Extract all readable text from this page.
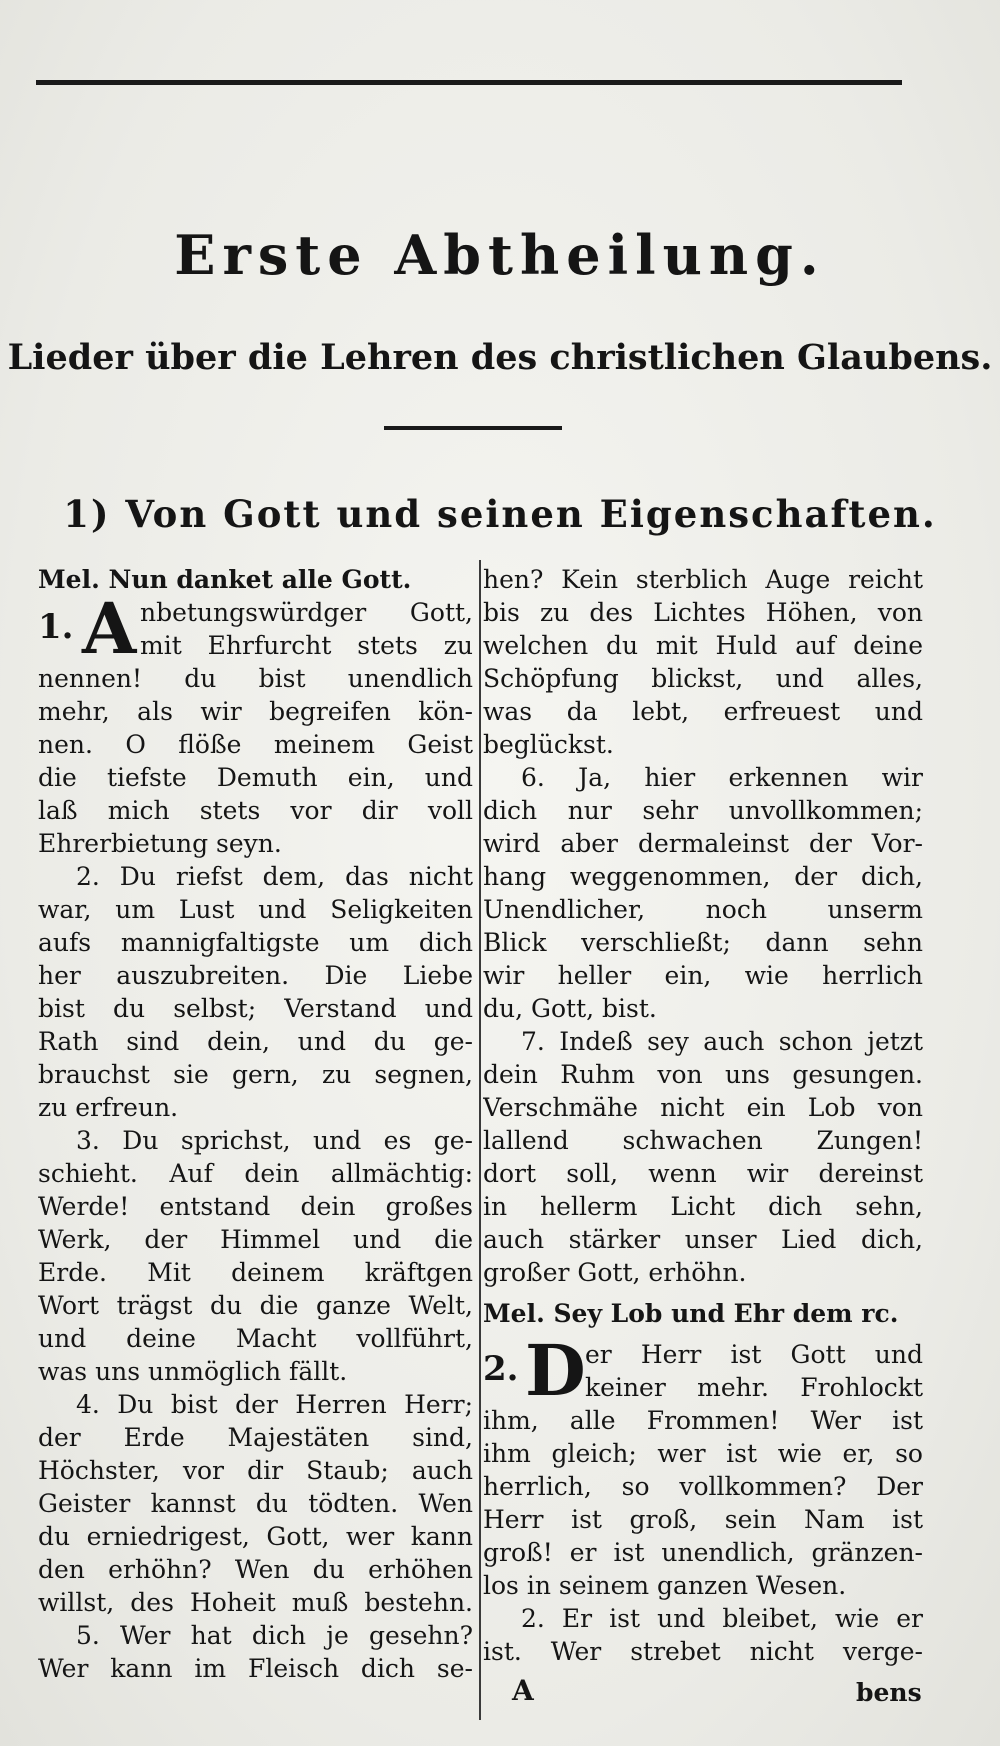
Erste Abtheilung.
Lieder über die Lehren des christlichen Glaubens.
1) Von Gott und seinen Eigenschaften.
Mel. Nun danket alle Gott.
1. A nbetungswürdger Gott,
mit Ehrfurcht stets zu
nennen! du bist unendlich
mehr, als wir begreifen kön-
nen. O flöße meinem Geist
die tiefste Demuth ein, und
laß mich stets vor dir voll
Ehrerbietung seyn.
2. Du riefst dem, das nicht
war, um Lust und Seligkeiten
aufs mannigfaltigste um dich
her auszubreiten. Die Liebe
bist du selbst; Verstand und
Rath sind dein, und du ge-
brauchst sie gern, zu segnen,
zu erfreun.
3. Du sprichst, und es ge-
schieht. Auf dein allmächtig:
Werde! entstand dein großes
Werk, der Himmel und die
Erde. Mit deinem kräftgen
Wort trägst du die ganze Welt,
und deine Macht vollführt,
was uns unmöglich fällt.
4. Du bist der Herren Herr;
der Erde Majestäten sind,
Höchster, vor dir Staub; auch
Geister kannst du tödten. Wen
du erniedrigest, Gott, wer kann
den erhöhn? Wen du erhöhen
willst, des Hoheit muß bestehn.
5. Wer hat dich je gesehn?
Wer kann im Fleisch dich se-
hen? Kein sterblich Auge reicht
bis zu des Lichtes Höhen, von
welchen du mit Huld auf deine
Schöpfung blickst, und alles,
was da lebt, erfreuest und
beglückst.
6. Ja, hier erkennen wir
dich nur sehr unvollkommen;
wird aber dermaleinst der Vor-
hang weggenommen, der dich,
Unendlicher, noch unserm
Blick verschließt; dann sehn
wir heller ein, wie herrlich
du, Gott, bist.
7. Indeß sey auch schon jetzt
dein Ruhm von uns gesungen.
Verschmähe nicht ein Lob von
lallend schwachen Zungen!
dort soll, wenn wir dereinst
in hellerm Licht dich sehn,
auch stärker unser Lied dich,
großer Gott, erhöhn.
Mel. Sey Lob und Ehr dem rc.
2. D er Herr ist Gott und
keiner mehr. Frohlockt
ihm, alle Frommen! Wer ist
ihm gleich; wer ist wie er, so
herrlich, so vollkommen? Der
Herr ist groß, sein Nam ist
groß! er ist unendlich, gränzen-
los in seinem ganzen Wesen.
2. Er ist und bleibet, wie er
ist. Wer strebet nicht verge-
A	bens
